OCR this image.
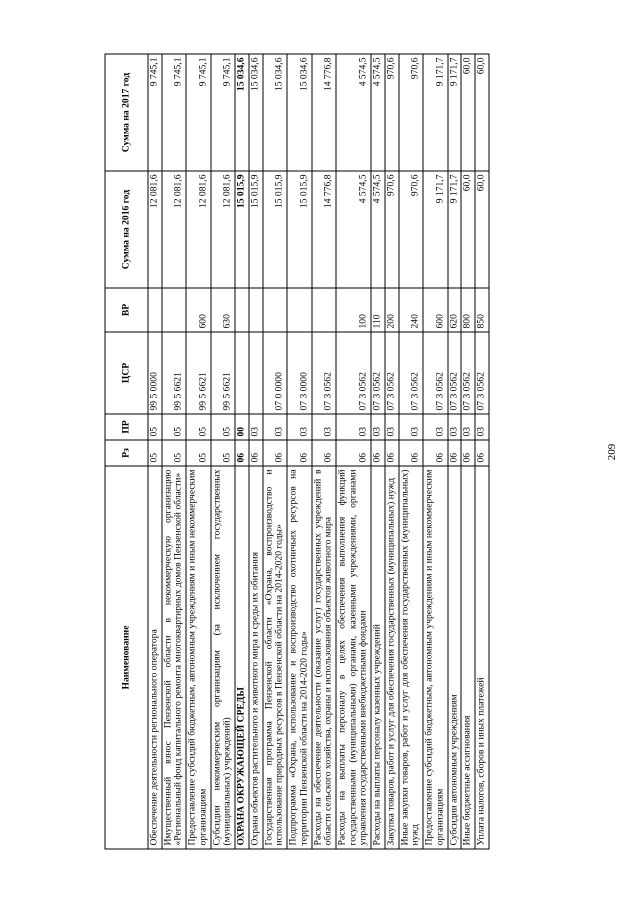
209
Наименование	Рз	ПР	ЦСР	ВР	Сумма на 2016 год	Сумма на 2017 год
Обеспечение деятельности регионального оператора	05	05	99 5 0000		12 081,6	9 745,1
Имущественный взнос Пензенской области в некоммерческую организацию «Региональный фонд капитального ремонта многоквартирных домов Пензенской области»	05	05	99 5 6621		12 081,6	9 745,1
Предоставление субсидий бюджетным, автономным учреждениям и иным некоммерческим организациям	05	05	99 5 6621	600	12 081,6	9 745,1
Субсидии некоммерческим организациям (за исключением государственных (муниципальных) учреждений)	05	05	99 5 6621	630	12 081,6	9 745,1
ОХРАНА ОКРУЖАЮЩЕЙ СРЕДЫ	06	00			15 015,9	15 034,6
Охрана объектов растительного и животного мира и среды их обитания	06	03			15 015,9	15 034,6
Государственная программа Пензенской области «Охрана, воспроизводство и использование природных ресурсов в Пензенской области на 2014-2020 годы»	06	03	07 0 0000		15 015,9	15 034,6
Подпрограмма «Охрана, использование и воспроизводство охотничьих ресурсов на территории Пензенской области на 2014-2020 годы»	06	03	07 3 0000		15 015,9	15 034,6
Расходы на обеспечение деятельности (оказание услуг) государственных учреждений в области сельского хозяйства, охраны и использования объектов животного мира	06	03	07 3 0562		14 776,8	14 776,8
Расходы на выплаты персоналу в целях обеспечения выполнения функций государственными (муниципальными) органами, казенными учреждениями, органами управления государственными внебюджетными фондами	06	03	07 3 0562	100	4 574,5	4 574,5
Расходы на выплаты персоналу казенных учреждений	06	03	07 3 0562	110	4 574,5	4 574,5
Закупка товаров, работ и услуг для обеспечения государственных (муниципальных) нужд	06	03	07 3 0562	200	970,6	970,6
Иные закупки товаров, работ и услуг для обеспечения государственных (муниципальных) нужд	06	03	07 3 0562	240	970,6	970,6
Предоставление субсидий бюджетным, автономным учреждениям и иным некоммерческим организациям	06	03	07 3 0562	600	9 171,7	9 171,7
Субсидии автономным учреждениям	06	03	07 3 0562	620	9 171,7	9 171,7
Иные бюджетные ассигнования	06	03	07 3 0562	800	60,0	60,0
Уплата налогов, сборов и иных платежей	06	03	07 3 0562	850	60,0	60,0
